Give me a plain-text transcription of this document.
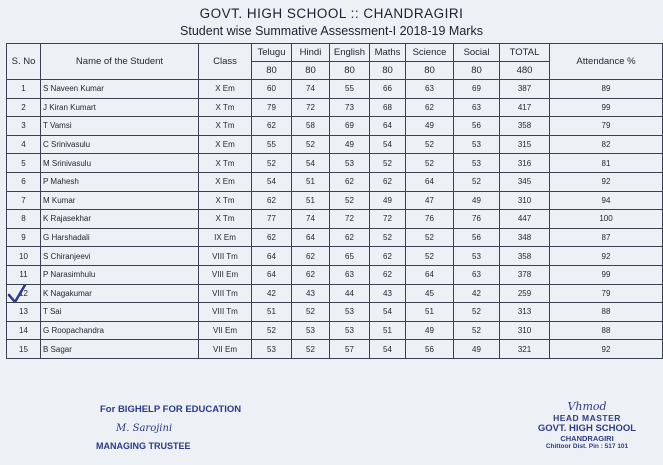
GOVT. HIGH SCHOOL :: CHANDRAGIRI
Student wise Summative Assessment-I 2018-19 Marks
S. No	Name of the Student	Class	Telugu	Hindi	English	Maths	Science	Social	TOTAL	Attendance %
			80	80	80	80	80	80	480	
1	S Naveen Kumar	X Em	60	74	55	66	63	69	387	89
2	J Kiran Kumart	X Tm	79	72	73	68	62	63	417	99
3	T Vamsi	X Tm	62	58	69	64	49	56	358	79
4	C Srinivasulu	X Em	55	52	49	54	52	53	315	82
5	M Srinivasulu	X Tm	52	54	53	52	52	53	316	81
6	P Mahesh	X Em	54	51	62	62	64	52	345	92
7	M Kumar	X Tm	62	51	52	49	47	49	310	94
8	K Rajasekhar	X Tm	77	74	72	72	76	76	447	100
9	G Harshadali	IX Em	62	64	62	52	52	56	348	87
10	S Chiranjeevi	VIII Tm	64	62	65	62	52	53	358	92
11	P Narasimhulu	VIII Em	64	62	63	62	64	63	378	99
12	K Nagakumar	VIII Tm	42	43	44	43	45	42	259	79
13	T Sai	VIII Tm	51	52	53	54	51	52	313	88
14	G Roopachandra	VII Em	52	53	53	51	49	52	310	88
15	B Sagar	VII Em	53	52	57	54	56	49	321	92
For BIGHELP FOR EDUCATION
M. Sarojini
MANAGING TRUSTEE
Vhmod
HEAD MASTER
GOVT. HIGH SCHOOL
CHANDRAGIRI
Chittoor Dist. Pin : 517 101
